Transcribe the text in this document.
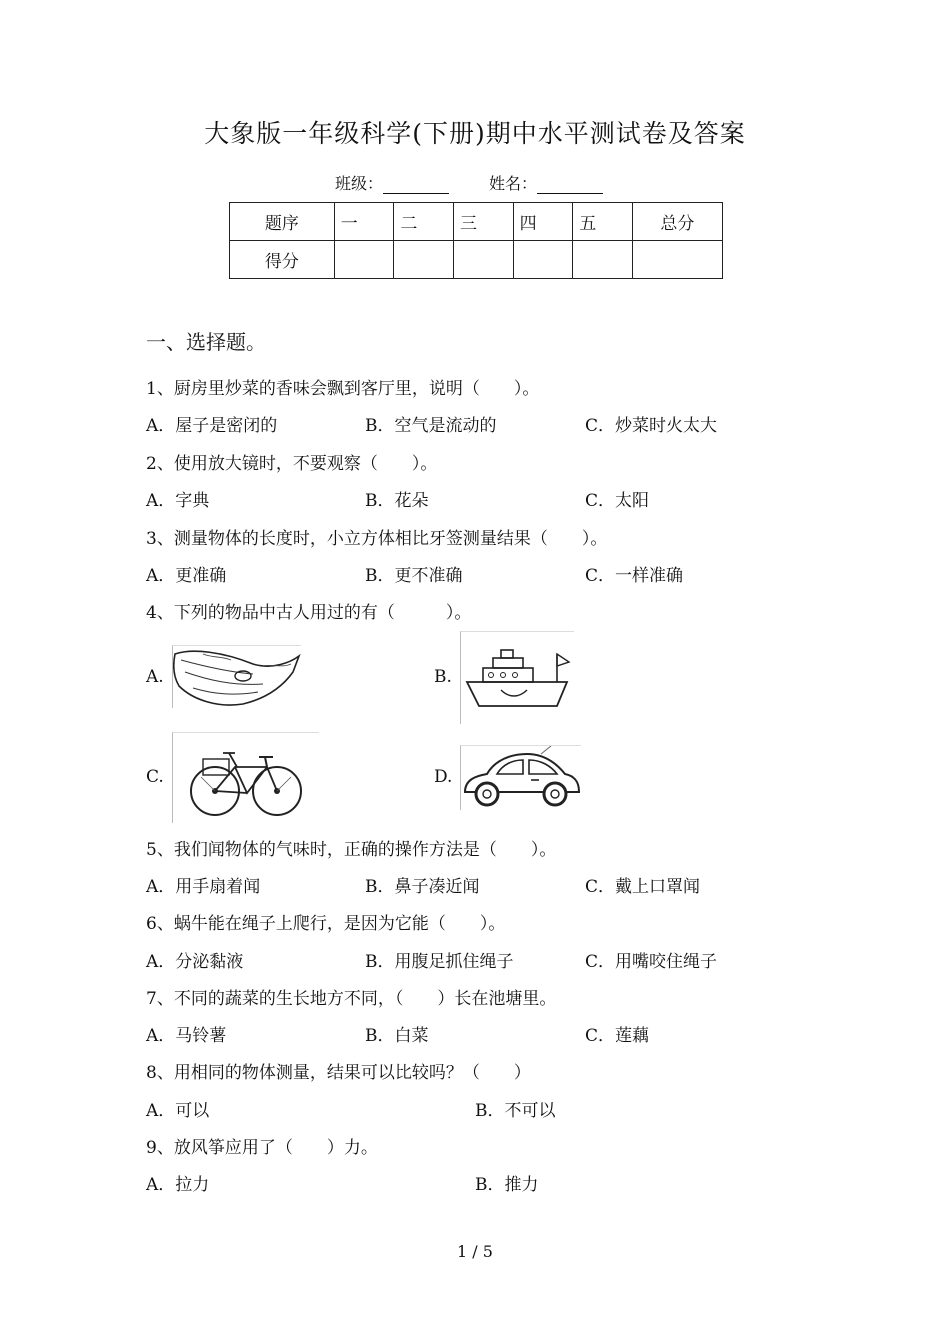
大象版一年级科学(下册)期中水平测试卷及答案
班级：	姓名：
题序	一	二	三	四	五	总分
得分						
一、选择题。
1、厨房里炒菜的香味会飘到客厅里，说明（　　）。
A．屋子是密闭的	B．空气是流动的	C．炒菜时火太大
2、使用放大镜时，不要观察（　　）。
A．字典	B．花朵	C．太阳
3、测量物体的长度时，小立方体相比牙签测量结果（　　）。
A．更准确	B．更不准确	C．一样准确
4、下列的物品中古人用过的有（　　　）。
A.	B.
C.	D.
5、我们闻物体的气味时，正确的操作方法是（　　）。
A．用手扇着闻	B．鼻子凑近闻	C．戴上口罩闻
6、蜗牛能在绳子上爬行，是因为它能（　　）。
A．分泌黏液	B．用腹足抓住绳子	C．用嘴咬住绳子
7、不同的蔬菜的生长地方不同，（　　）长在池塘里。
A．马铃薯	B．白菜	C．莲藕
8、用相同的物体测量，结果可以比较吗？（　　）
A．可以	B．不可以
9、放风筝应用了（　　）力。
A．拉力	B．推力
1 / 5
